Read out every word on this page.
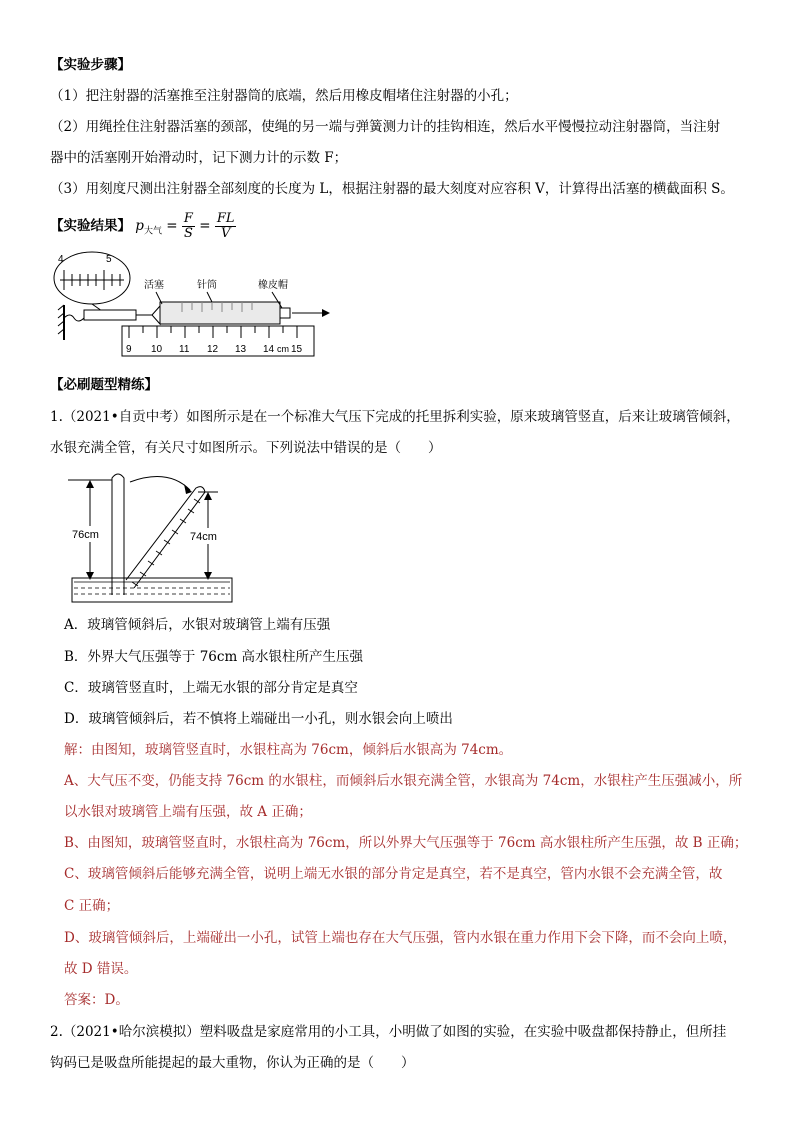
【实验步骤】
（1）把注射器的活塞推至注射器筒的底端，然后用橡皮帽堵住注射器的小孔；
（2）用绳拴住注射器活塞的颈部，使绳的另一端与弹簧测力计的挂钩相连，然后水平慢慢拉动注射器筒，当注射
器中的活塞刚开始滑动时，记下测力计的示数 F；
（3）用刻度尺测出注射器全部刻度的长度为 L，根据注射器的最大刻度对应容积 V，计算得出活塞的横截面积 S。
【实验结果】 $p_{大气} = \frac{F}{S} = \frac{FL}{V}$
4	5
活塞	针筒	橡皮帽
9 10 11 12 13 14 cm 15
【必刷题型精练】
1.（2021•自贡中考）如图所示是在一个标准大气压下完成的托里拆利实验，原来玻璃管竖直，后来让玻璃管倾斜，
水银充满全管，有关尺寸如图所示。下列说法中错误的是（　　）
76cm	74cm
A．玻璃管倾斜后，水银对玻璃管上端有压强
B．外界大气压强等于 76cm 高水银柱所产生压强
C．玻璃管竖直时，上端无水银的部分肯定是真空
D．玻璃管倾斜后，若不慎将上端碰出一小孔，则水银会向上喷出
解：由图知，玻璃管竖直时，水银柱高为 76cm，倾斜后水银高为 74cm。
A、大气压不变，仍能支持 76cm 的水银柱，而倾斜后水银充满全管，水银高为 74cm，水银柱产生压强减小，所
以水银对玻璃管上端有压强，故 A 正确；
B、由图知，玻璃管竖直时，水银柱高为 76cm，所以外界大气压强等于 76cm 高水银柱所产生压强，故 B 正确；
C、玻璃管倾斜后能够充满全管，说明上端无水银的部分肯定是真空，若不是真空，管内水银不会充满全管，故
C 正确；
D、玻璃管倾斜后，上端碰出一小孔，试管上端也存在大气压强，管内水银在重力作用下会下降，而不会向上喷，
故 D 错误。
答案：D。
2.（2021•哈尔滨模拟）塑料吸盘是家庭常用的小工具，小明做了如图的实验，在实验中吸盘都保持静止，但所挂
钩码已是吸盘所能提起的最大重物，你认为正确的是（　　）
